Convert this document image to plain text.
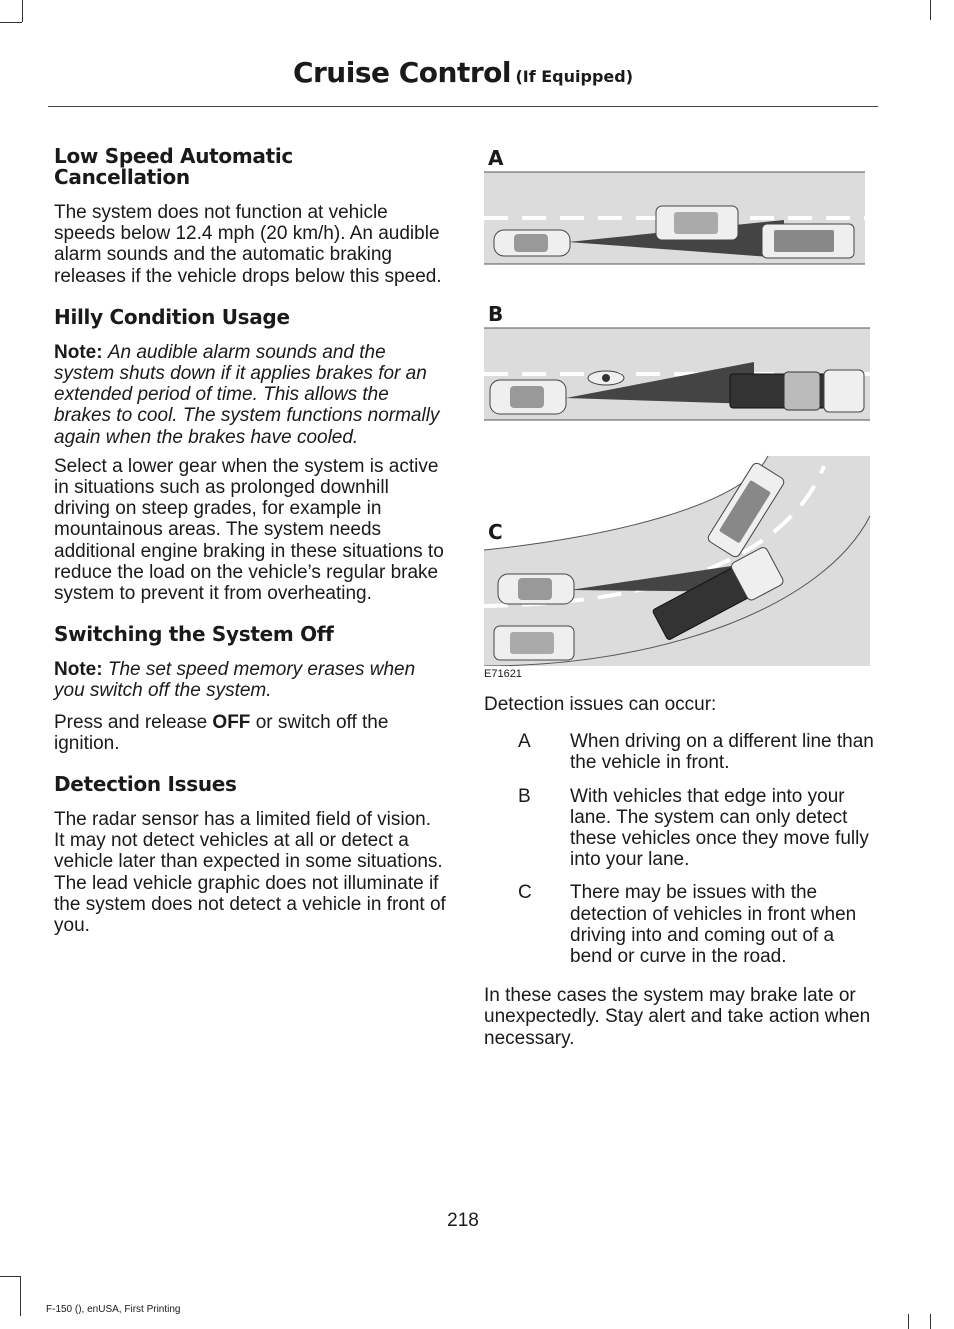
Cruise Control (If Equipped)
Low Speed Automatic Cancellation

The system does not function at vehicle speeds below 12.4 mph (20 km/h). An audible alarm sounds and the automatic braking releases if the vehicle drops below this speed.

Hilly Condition Usage

Note: An audible alarm sounds and the system shuts down if it applies brakes for an extended period of time. This allows the brakes to cool. The system functions normally again when the brakes have cooled.

Select a lower gear when the system is active in situations such as prolonged downhill driving on steep grades, for example in mountainous areas. The system needs additional engine braking in these situations to reduce the load on the vehicle’s regular brake system to prevent it from overheating.

Switching the System Off

Note: The set speed memory erases when you switch off the system.

Press and release OFF or switch off the ignition.

Detection Issues

The radar sensor has a limited field of vision. It may not detect vehicles at all or detect a vehicle later than expected in some situations. The lead vehicle graphic does not illuminate if the system does not detect a vehicle in front of you.

A
B
C
E71621

Detection issues can occur:

A When driving on a different line than the vehicle in front.
B With vehicles that edge into your lane. The system can only detect these vehicles once they move fully into your lane.
C There may be issues with the detection of vehicles in front when driving into and coming out of a bend or curve in the road.

In these cases the system may brake late or unexpectedly. Stay alert and take action when necessary.

218
F-150 (), enUSA, First Printing
